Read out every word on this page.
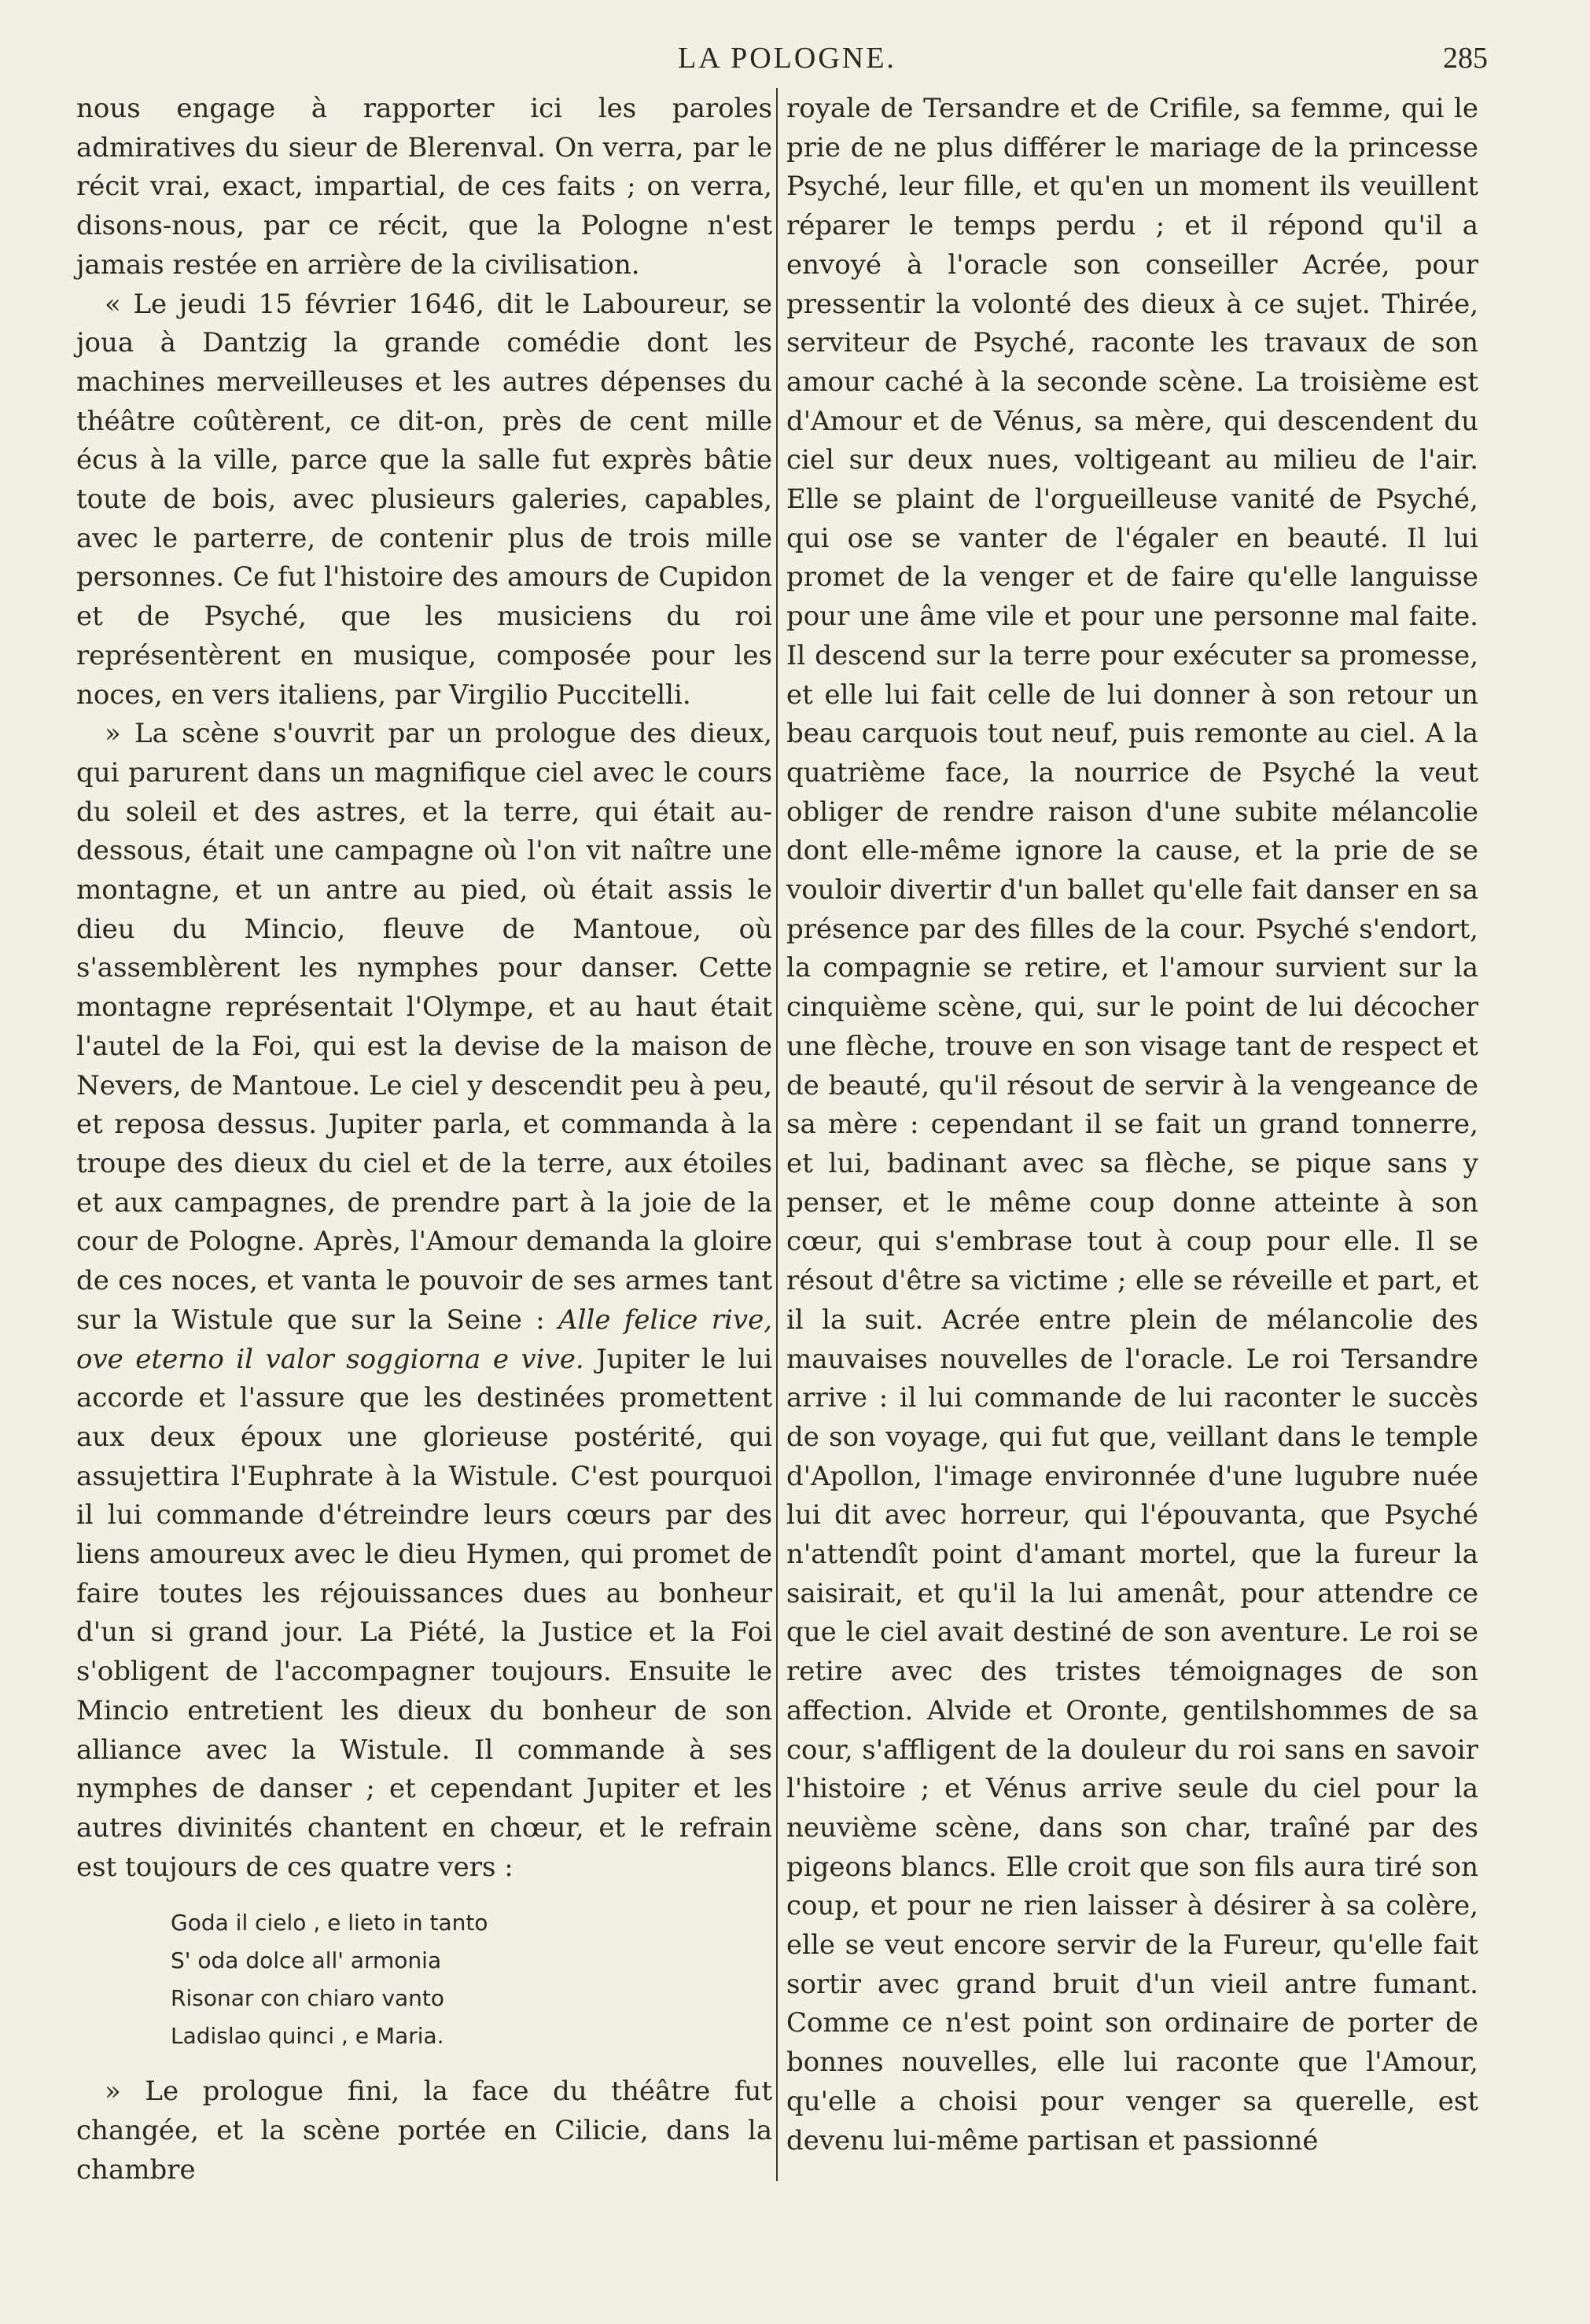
LA POLOGNE.	285

nous engage à rapporter ici les paroles admiratives du sieur de Blerenval. On verra, par le récit vrai, exact, impartial, de ces faits ; on verra, disons-nous, par ce récit, que la Pologne n'est jamais restée en arrière de la civilisation.

« Le jeudi 15 février 1646, dit le Laboureur, se joua à Dantzig la grande comédie dont les machines merveilleuses et les autres dépenses du théâtre coûtèrent, ce dit-on, près de cent mille écus à la ville, parce que la salle fut exprès bâtie toute de bois, avec plusieurs galeries, capables, avec le parterre, de contenir plus de trois mille personnes. Ce fut l'histoire des amours de Cupidon et de Psyché, que les musiciens du roi représentèrent en musique, composée pour les noces, en vers italiens, par Virgilio Puccitelli.

» La scène s'ouvrit par un prologue des dieux, qui parurent dans un magnifique ciel avec le cours du soleil et des astres, et la terre, qui était au-dessous, était une campagne où l'on vit naître une montagne, et un antre au pied, où était assis le dieu du Mincio, fleuve de Mantoue, où s'assemblèrent les nymphes pour danser. Cette montagne représentait l'Olympe, et au haut était l'autel de la Foi, qui est la devise de la maison de Nevers, de Mantoue. Le ciel y descendit peu à peu, et reposa dessus. Jupiter parla, et commanda à la troupe des dieux du ciel et de la terre, aux étoiles et aux campagnes, de prendre part à la joie de la cour de Pologne. Après, l'Amour demanda la gloire de ces noces, et vanta le pouvoir de ses armes tant sur la Wistule que sur la Seine : Alle felice rive, ove eterno il valor soggiorna e vive. Jupiter le lui accorde et l'assure que les destinées promettent aux deux époux une glorieuse postérité, qui assujettira l'Euphrate à la Wistule. C'est pourquoi il lui commande d'étreindre leurs cœurs par des liens amoureux avec le dieu Hymen, qui promet de faire toutes les réjouissances dues au bonheur d'un si grand jour. La Piété, la Justice et la Foi s'obligent de l'accompagner toujours. Ensuite le Mincio entretient les dieux du bonheur de son alliance avec la Wistule. Il commande à ses nymphes de danser ; et cependant Jupiter et les autres divinités chantent en chœur, et le refrain est toujours de ces quatre vers :

Goda il cielo , e lieto in tanto
S' oda dolce all' armonia
Risonar con chiaro vanto
Ladislao quinci , e Maria.

» Le prologue fini, la face du théâtre fut changée, et la scène portée en Cilicie, dans la chambre

royale de Tersandre et de Crifile, sa femme, qui le prie de ne plus différer le mariage de la princesse Psyché, leur fille, et qu'en un moment ils veuillent réparer le temps perdu ; et il répond qu'il a envoyé à l'oracle son conseiller Acrée, pour pressentir la volonté des dieux à ce sujet. Thirée, serviteur de Psyché, raconte les travaux de son amour caché à la seconde scène. La troisième est d'Amour et de Vénus, sa mère, qui descendent du ciel sur deux nues, voltigeant au milieu de l'air. Elle se plaint de l'orgueilleuse vanité de Psyché, qui ose se vanter de l'égaler en beauté. Il lui promet de la venger et de faire qu'elle languisse pour une âme vile et pour une personne mal faite. Il descend sur la terre pour exécuter sa promesse, et elle lui fait celle de lui donner à son retour un beau carquois tout neuf, puis remonte au ciel. A la quatrième face, la nourrice de Psyché la veut obliger de rendre raison d'une subite mélancolie dont elle-même ignore la cause, et la prie de se vouloir divertir d'un ballet qu'elle fait danser en sa présence par des filles de la cour. Psyché s'endort, la compagnie se retire, et l'amour survient sur la cinquième scène, qui, sur le point de lui décocher une flèche, trouve en son visage tant de respect et de beauté, qu'il résout de servir à la vengeance de sa mère : cependant il se fait un grand tonnerre, et lui, badinant avec sa flèche, se pique sans y penser, et le même coup donne atteinte à son cœur, qui s'embrase tout à coup pour elle. Il se résout d'être sa victime ; elle se réveille et part, et il la suit. Acrée entre plein de mélancolie des mauvaises nouvelles de l'oracle. Le roi Tersandre arrive : il lui commande de lui raconter le succès de son voyage, qui fut que, veillant dans le temple d'Apollon, l'image environnée d'une lugubre nuée lui dit avec horreur, qui l'épouvanta, que Psyché n'attendît point d'amant mortel, que la fureur la saisirait, et qu'il la lui amenât, pour attendre ce que le ciel avait destiné de son aventure. Le roi se retire avec des tristes témoignages de son affection. Alvide et Oronte, gentilshommes de sa cour, s'affligent de la douleur du roi sans en savoir l'histoire ; et Vénus arrive seule du ciel pour la neuvième scène, dans son char, traîné par des pigeons blancs. Elle croit que son fils aura tiré son coup, et pour ne rien laisser à désirer à sa colère, elle se veut encore servir de la Fureur, qu'elle fait sortir avec grand bruit d'un vieil antre fumant. Comme ce n'est point son ordinaire de porter de bonnes nouvelles, elle lui raconte que l'Amour, qu'elle a choisi pour venger sa querelle, est devenu lui-même partisan et passionné
